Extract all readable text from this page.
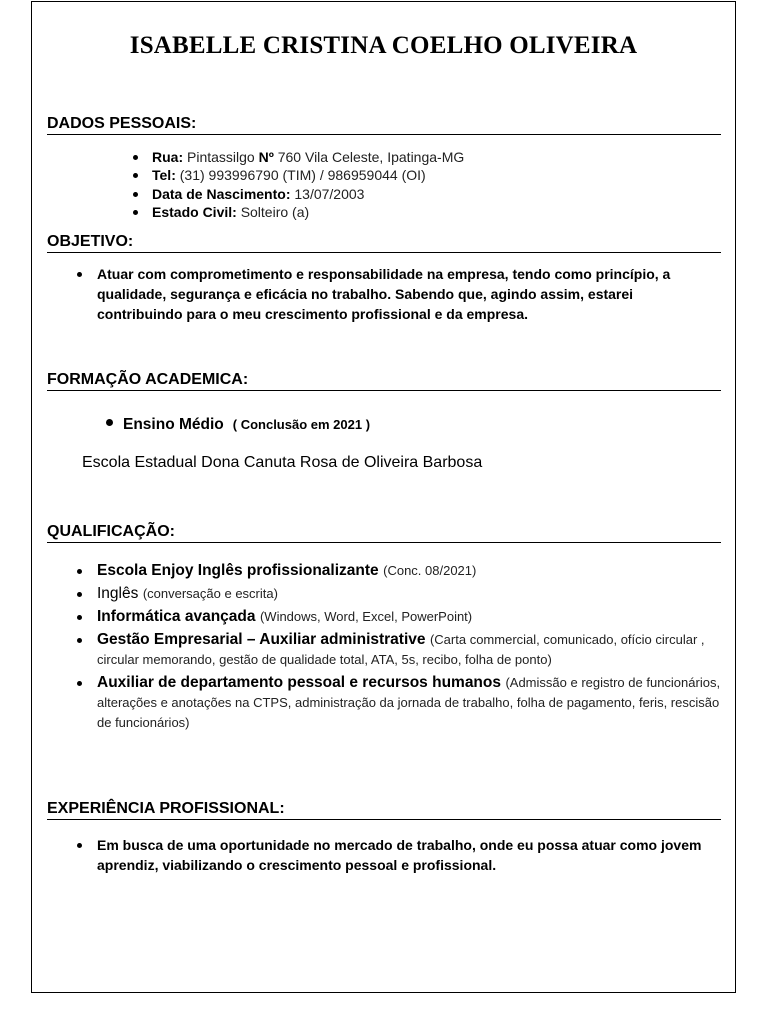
ISABELLE CRISTINA COELHO OLIVEIRA
DADOS PESSOAIS:
Rua: Pintassilgo Nº 760 Vila Celeste, Ipatinga-MG
Tel: (31) 993996790 (TIM) / 986959044 (OI)
Data de Nascimento: 13/07/2003
Estado Civil: Solteiro (a)
OBJETIVO:
Atuar com comprometimento e responsabilidade na empresa, tendo como princípio, a qualidade, segurança e eficácia no trabalho. Sabendo que, agindo assim, estarei contribuindo para o meu crescimento profissional e da empresa.
FORMAÇÃO ACADEMICA:
Ensino Médio ( Conclusão em 2021 )
Escola Estadual Dona Canuta Rosa de Oliveira Barbosa
QUALIFICAÇÃO:
Escola Enjoy Inglês profissionalizante (Conc. 08/2021)
Inglês (conversação e escrita)
Informática avançada (Windows, Word, Excel, PowerPoint)
Gestão Empresarial – Auxiliar administrative (Carta commercial, comunicado, ofício circular , circular memorando, gestão de qualidade total, ATA, 5s, recibo, folha de ponto)
Auxiliar de departamento pessoal e recursos humanos (Admissão e registro de funcionários, alterações e anotações na CTPS, administração da jornada de trabalho, folha de pagamento, feris, rescisão de funcionários)
EXPERIÊNCIA PROFISSIONAL:
Em busca de uma oportunidade no mercado de trabalho, onde eu possa atuar como jovem aprendiz, viabilizando o crescimento pessoal e profissional.
